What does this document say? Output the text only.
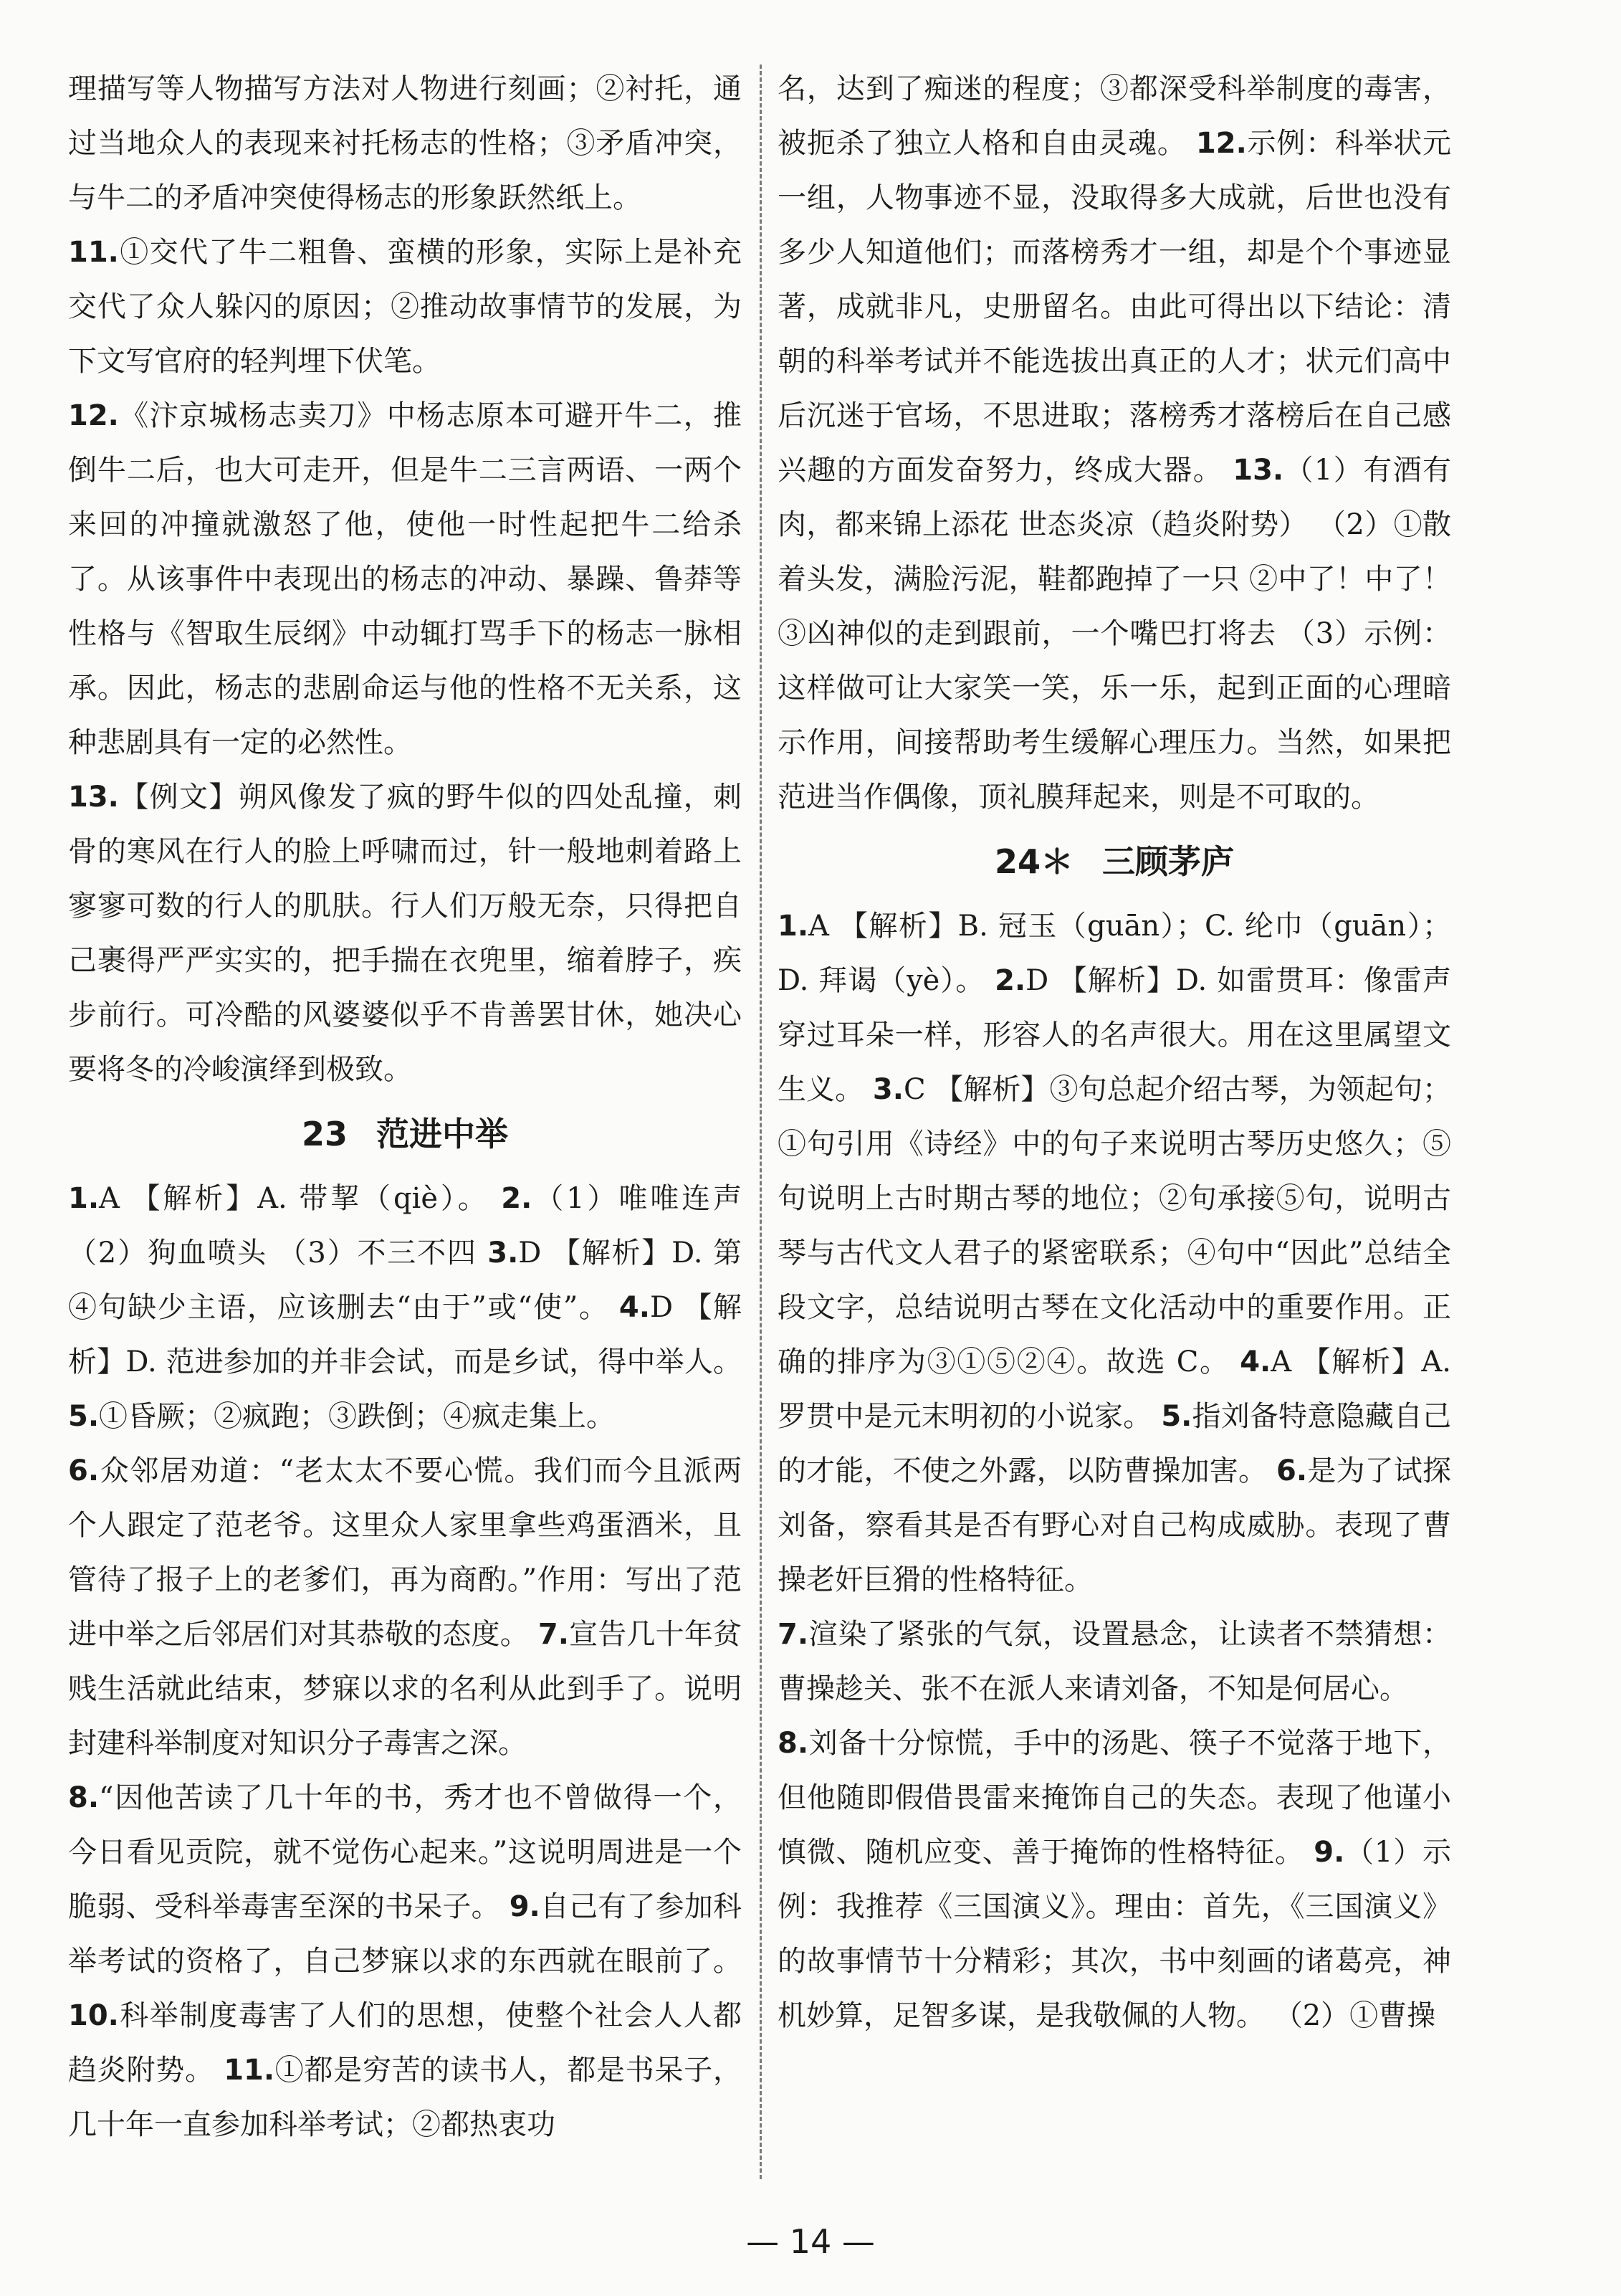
理描写等人物描写方法对人物进行刻画；②衬托，通过当地众人的表现来衬托杨志的性格；③矛盾冲突，与牛二的矛盾冲突使得杨志的形象跃然纸上。

11.①交代了牛二粗鲁、蛮横的形象，实际上是补充交代了众人躲闪的原因；②推动故事情节的发展，为下文写官府的轻判埋下伏笔。

12.《汴京城杨志卖刀》中杨志原本可避开牛二，推倒牛二后，也大可走开，但是牛二三言两语、一两个来回的冲撞就激怒了他，使他一时性起把牛二给杀了。从该事件中表现出的杨志的冲动、暴躁、鲁莽等性格与《智取生辰纲》中动辄打骂手下的杨志一脉相承。因此，杨志的悲剧命运与他的性格不无关系，这种悲剧具有一定的必然性。

13.【例文】朔风像发了疯的野牛似的四处乱撞，刺骨的寒风在行人的脸上呼啸而过，针一般地刺着路上寥寥可数的行人的肌肤。行人们万般无奈，只得把自己裹得严严实实的，把手揣在衣兜里，缩着脖子，疾步前行。可冷酷的风婆婆似乎不肯善罢甘休，她决心要将冬的冷峻演绎到极致。

23 范进中举

1.A 【解析】A. 带挈（qiè）。 2.（1）唯唯连声 （2）狗血喷头 （3）不三不四 3.D 【解析】D. 第④句缺少主语，应该删去“由于”或“使”。 4.D 【解析】D. 范进参加的并非会试，而是乡试，得中举人。 5.①昏厥；②疯跑；③跌倒；④疯走集上。

6.众邻居劝道：“老太太不要心慌。我们而今且派两个人跟定了范老爷。这里众人家里拿些鸡蛋酒米，且管待了报子上的老爹们，再为商酌。”作用：写出了范进中举之后邻居们对其恭敬的态度。 7.宣告几十年贫贱生活就此结束，梦寐以求的名利从此到手了。说明封建科举制度对知识分子毒害之深。

8.“因他苦读了几十年的书，秀才也不曾做得一个，今日看见贡院，就不觉伤心起来。”这说明周进是一个脆弱、受科举毒害至深的书呆子。 9.自己有了参加科举考试的资格了，自己梦寐以求的东西就在眼前了。 10.科举制度毒害了人们的思想，使整个社会人人都趋炎附势。 11.①都是穷苦的读书人，都是书呆子，几十年一直参加科举考试；②都热衷功

名，达到了痴迷的程度；③都深受科举制度的毒害，被扼杀了独立人格和自由灵魂。 12.示例：科举状元一组，人物事迹不显，没取得多大成就，后世也没有多少人知道他们；而落榜秀才一组，却是个个事迹显著，成就非凡，史册留名。由此可得出以下结论：清朝的科举考试并不能选拔出真正的人才；状元们高中后沉迷于官场，不思进取；落榜秀才落榜后在自己感兴趣的方面发奋努力，终成大器。 13.（1）有酒有肉，都来锦上添花 世态炎凉（趋炎附势） （2）①散着头发，满脸污泥，鞋都跑掉了一只 ②中了！中了！ ③凶神似的走到跟前，一个嘴巴打将去 （3）示例：这样做可让大家笑一笑，乐一乐，起到正面的心理暗示作用，间接帮助考生缓解心理压力。当然，如果把范进当作偶像，顶礼膜拜起来，则是不可取的。

24＊ 三顾茅庐

1.A 【解析】B. 冠玉（guān）；C. 纶巾（guān）；D. 拜谒（yè）。 2.D 【解析】D. 如雷贯耳：像雷声穿过耳朵一样，形容人的名声很大。用在这里属望文生义。 3.C 【解析】③句总起介绍古琴，为领起句；①句引用《诗经》中的句子来说明古琴历史悠久；⑤句说明上古时期古琴的地位；②句承接⑤句，说明古琴与古代文人君子的紧密联系；④句中“因此”总结全段文字，总结说明古琴在文化活动中的重要作用。正确的排序为③①⑤②④。故选 C。 4.A 【解析】A. 罗贯中是元末明初的小说家。 5.指刘备特意隐藏自己的才能，不使之外露，以防曹操加害。 6.是为了试探刘备，察看其是否有野心对自己构成威胁。表现了曹操老奸巨猾的性格特征。

7.渲染了紧张的气氛，设置悬念，让读者不禁猜想：曹操趁关、张不在派人来请刘备，不知是何居心。

8.刘备十分惊慌，手中的汤匙、筷子不觉落于地下，但他随即假借畏雷来掩饰自己的失态。表现了他谨小慎微、随机应变、善于掩饰的性格特征。 9.（1）示例：我推荐《三国演义》。理由：首先，《三国演义》的故事情节十分精彩；其次，书中刻画的诸葛亮，神机妙算，足智多谋，是我敬佩的人物。 （2）①曹操

— 14 —
